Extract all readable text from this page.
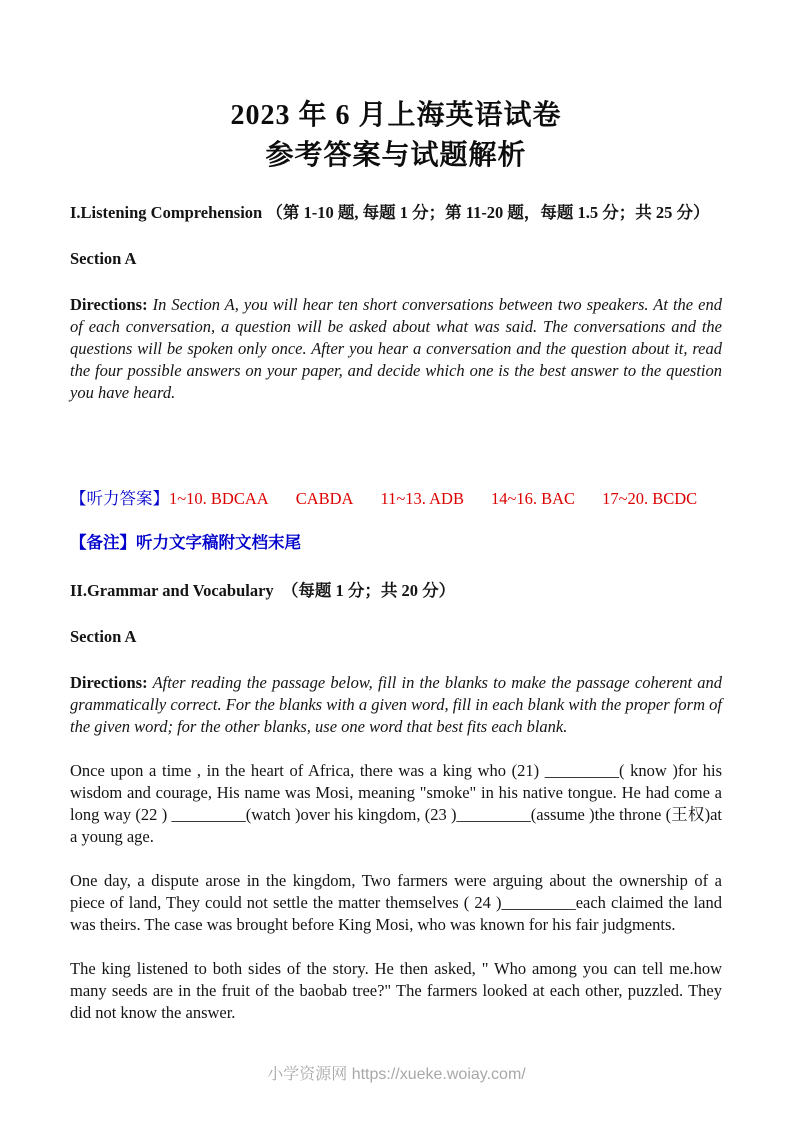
2023 年 6 月上海英语试卷
参考答案与试题解析

I.Listening Comprehension （第 1-10 题, 每题 1 分；第 11-20 题，每题 1.5 分；共 25 分）

Section A

Directions: In Section A, you will hear ten short conversations between two speakers. At the end of each conversation, a question will be asked about what was said. The conversations and the questions will be spoken only once. After you hear a conversation and the question about it, read the four possible answers on your paper, and decide which one is the best answer to the question you have heard.

【听力答案】1~10. BDCAA CABDA 11~13. ADB 14~16. BAC 17~20. BCDC

【备注】听力文字稿附文档末尾

II.Grammar and Vocabulary　（每题 1 分；共 20 分）

Section A

Directions: After reading the passage below, fill in the blanks to make the passage coherent and grammatically correct. For the blanks with a given word, fill in each blank with the proper form of the given word; for the other blanks, use one word that best fits each blank.

Once upon a time , in the heart of Africa, there was a king who (21) _________( know )for his wisdom and courage, His name was Mosi, meaning "smoke" in his native tongue. He had come a long way (22 ) _________(watch )over his kingdom, (23 )_________(assume )the throne (王权)at a young age.

One day, a dispute arose in the kingdom, Two farmers were arguing about the ownership of a piece of land, They could not settle the matter themselves ( 24 )_________each claimed the land was theirs. The case was brought before King Mosi, who was known for his fair judgments.

The king listened to both sides of the story. He then asked, " Who among you can tell me.how many seeds are in the fruit of the baobab tree?" The farmers looked at each other, puzzled. They did not know the answer.

小学资源网 https://xueke.woiay.com/
